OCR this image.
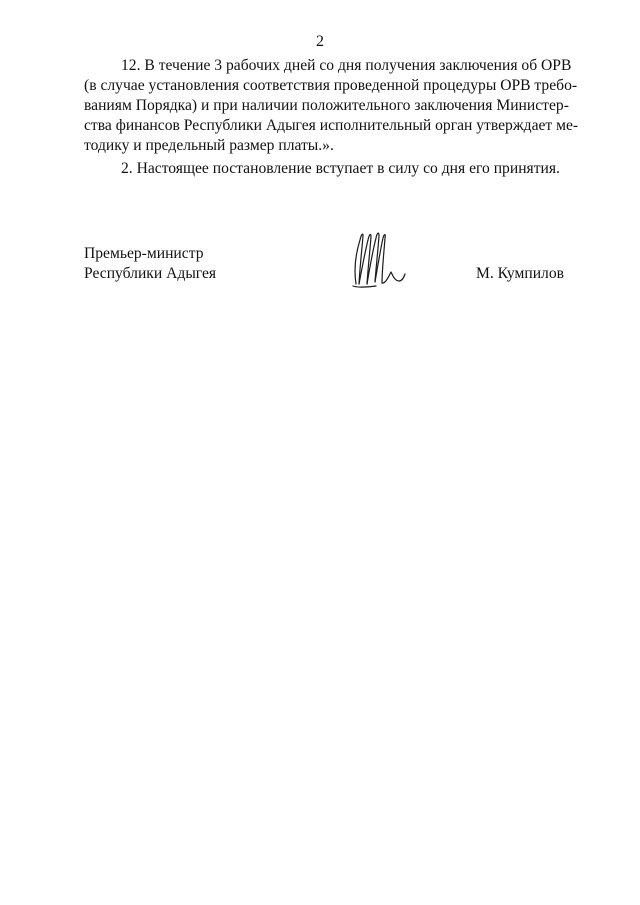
2
12. В течение 3 рабочих дней со дня получения заключения об ОРВ
(в случае установления соответствия проведенной процедуры ОРВ требо-
ваниям Порядка) и при наличии положительного заключения Министер-
ства финансов Республики Адыгея исполнительный орган утверждает ме-
тодику и предельный размер платы.».
2. Настоящее постановление вступает в силу со дня его принятия.
Премьер-министр
Республики Адыгея	М. Кумпилов
